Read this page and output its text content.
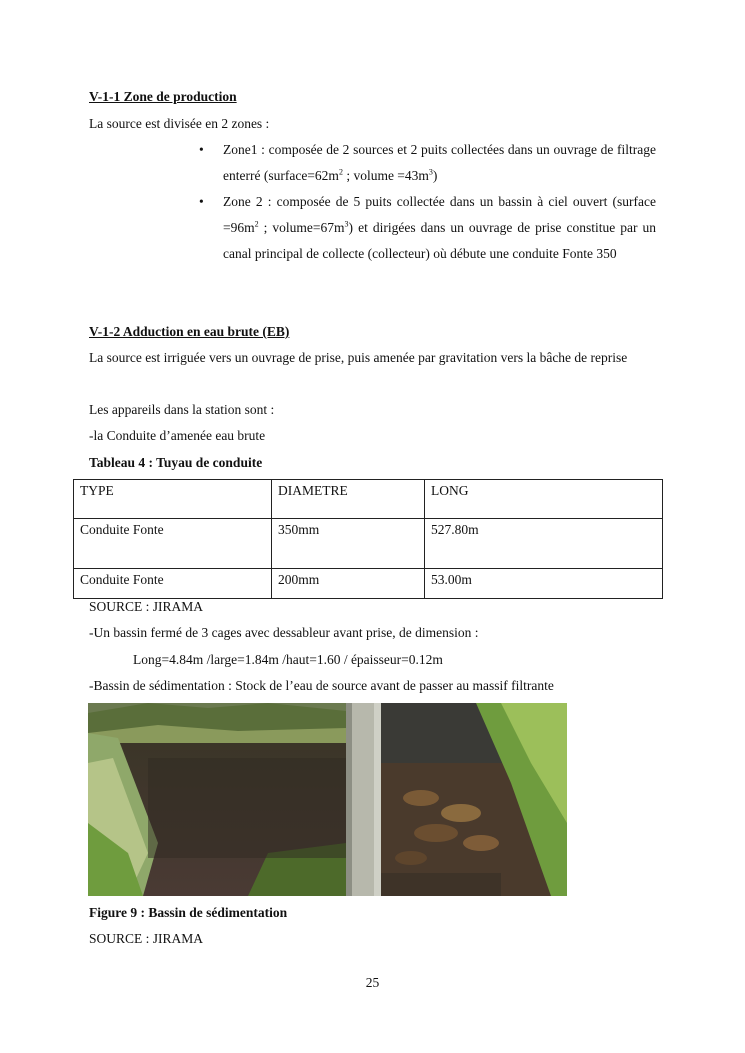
V-1-1 Zone de production
La source est divisée en 2 zones :
• Zone1 : composée de 2 sources et 2 puits collectées dans un ouvrage de filtrage enterré ($surface=62m^2$ ; volume $=43m^3$)
• Zone 2 : composée de 5 puits collectée dans un bassin à ciel ouvert (surface $=96m^2$ ; $volume=67m^3$) et dirigées dans un ouvrage de prise constitue par un canal principal de collecte (collecteur) où débute une conduite Fonte 350
V-1-2 Adduction en eau brute (EB)
La source est irriguée vers un ouvrage de prise, puis amenée par gravitation vers la bâche de reprise
Les appareils dans la station sont :
-la Conduite d’amenée eau brute
Tableau 4 : Tuyau de conduite
TYPE	DIAMETRE	LONG
Conduite Fonte	350mm	527.80m
Conduite Fonte	200mm	53.00m
SOURCE : JIRAMA
-Un bassin fermé de 3 cages avec dessableur avant prise, de dimension :
Long=4.84m /large=1.84m /haut=1.60 / épaisseur=0.12m
-Bassin de sédimentation : Stock de l’eau de source avant de passer au massif filtrante
Figure 9 : Bassin de sédimentation
SOURCE : JIRAMA
25
